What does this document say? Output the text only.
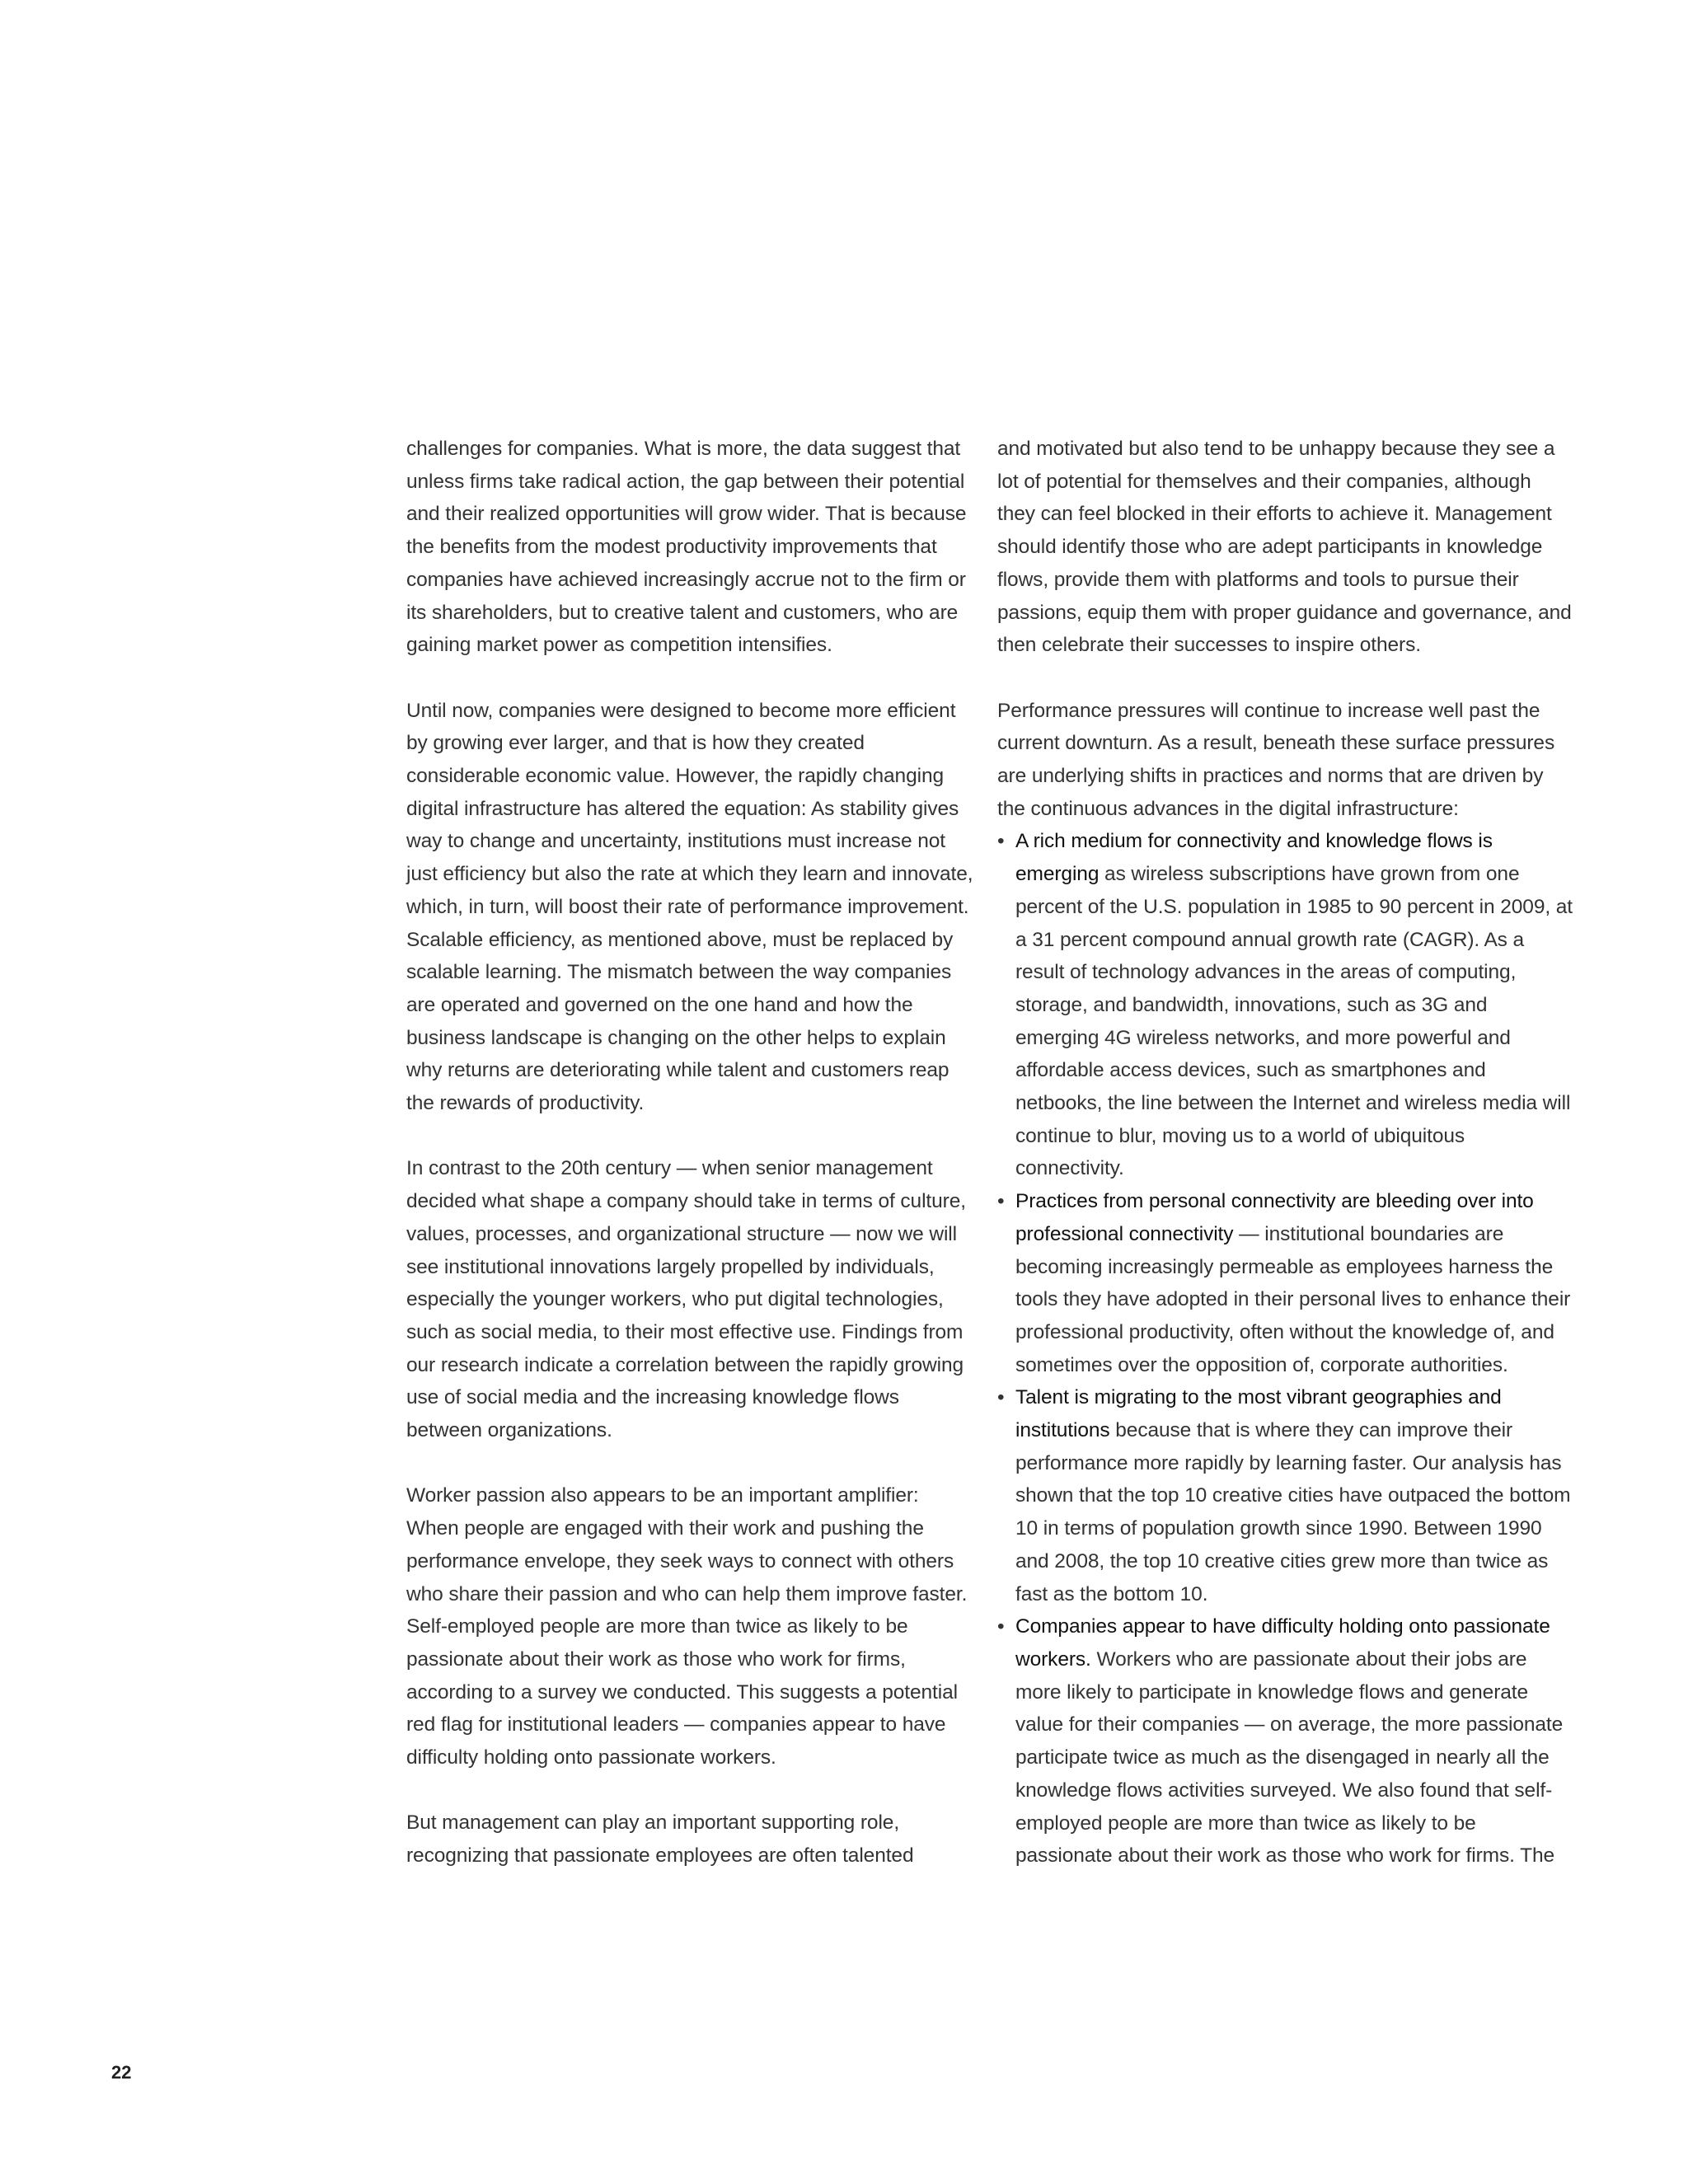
challenges for companies. What is more, the data suggest that unless firms take radical action, the gap between their potential and their realized opportunities will grow wider. That is because the benefits from the modest productivity improvements that companies have achieved increasingly accrue not to the firm or its shareholders, but to creative talent and customers, who are gaining market power as competition intensifies.

Until now, companies were designed to become more efficient by growing ever larger, and that is how they created considerable economic value. However, the rapidly changing digital infrastructure has altered the equation: As stability gives way to change and uncertainty, institutions must increase not just efficiency but also the rate at which they learn and innovate, which, in turn, will boost their rate of performance improvement. Scalable efficiency, as mentioned above, must be replaced by scalable learning. The mismatch between the way companies are operated and governed on the one hand and how the business landscape is changing on the other helps to explain why returns are deteriorating while talent and customers reap the rewards of productivity.

In contrast to the 20th century — when senior management decided what shape a company should take in terms of culture, values, processes, and organizational structure — now we will see institutional innovations largely propelled by individuals, especially the younger workers, who put digital technologies, such as social media, to their most effective use. Findings from our research indicate a correlation between the rapidly growing use of social media and the increasing knowledge flows between organizations.

Worker passion also appears to be an important amplifier: When people are engaged with their work and pushing the performance envelope, they seek ways to connect with others who share their passion and who can help them improve faster. Self-employed people are more than twice as likely to be passionate about their work as those who work for firms, according to a survey we conducted. This suggests a potential red flag for institutional leaders — companies appear to have difficulty holding onto passionate workers.

But management can play an important supporting role, recognizing that passionate employees are often talented

and motivated but also tend to be unhappy because they see a lot of potential for themselves and their companies, although they can feel blocked in their efforts to achieve it. Management should identify those who are adept participants in knowledge flows, provide them with platforms and tools to pursue their passions, equip them with proper guidance and governance, and then celebrate their successes to inspire others.

Performance pressures will continue to increase well past the current downturn. As a result, beneath these surface pressures are underlying shifts in practices and norms that are driven by the continuous advances in the digital infrastructure:

• A rich medium for connectivity and knowledge flows is emerging as wireless subscriptions have grown from one percent of the U.S. population in 1985 to 90 percent in 2009, at a 31 percent compound annual growth rate (CAGR). As a result of technology advances in the areas of computing, storage, and bandwidth, innovations, such as 3G and emerging 4G wireless networks, and more powerful and affordable access devices, such as smartphones and netbooks, the line between the Internet and wireless media will continue to blur, moving us to a world of ubiquitous connectivity.
• Practices from personal connectivity are bleeding over into professional connectivity — institutional boundaries are becoming increasingly permeable as employees harness the tools they have adopted in their personal lives to enhance their professional productivity, often without the knowledge of, and sometimes over the opposition of, corporate authorities.
• Talent is migrating to the most vibrant geographies and institutions because that is where they can improve their performance more rapidly by learning faster. Our analysis has shown that the top 10 creative cities have outpaced the bottom 10 in terms of population growth since 1990. Between 1990 and 2008, the top 10 creative cities grew more than twice as fast as the bottom 10.
• Companies appear to have difficulty holding onto passionate workers. Workers who are passionate about their jobs are more likely to participate in knowledge flows and generate value for their companies — on average, the more passionate participate twice as much as the disengaged in nearly all the knowledge flows activities surveyed. We also found that self-employed people are more than twice as likely to be passionate about their work as those who work for firms. The
22
